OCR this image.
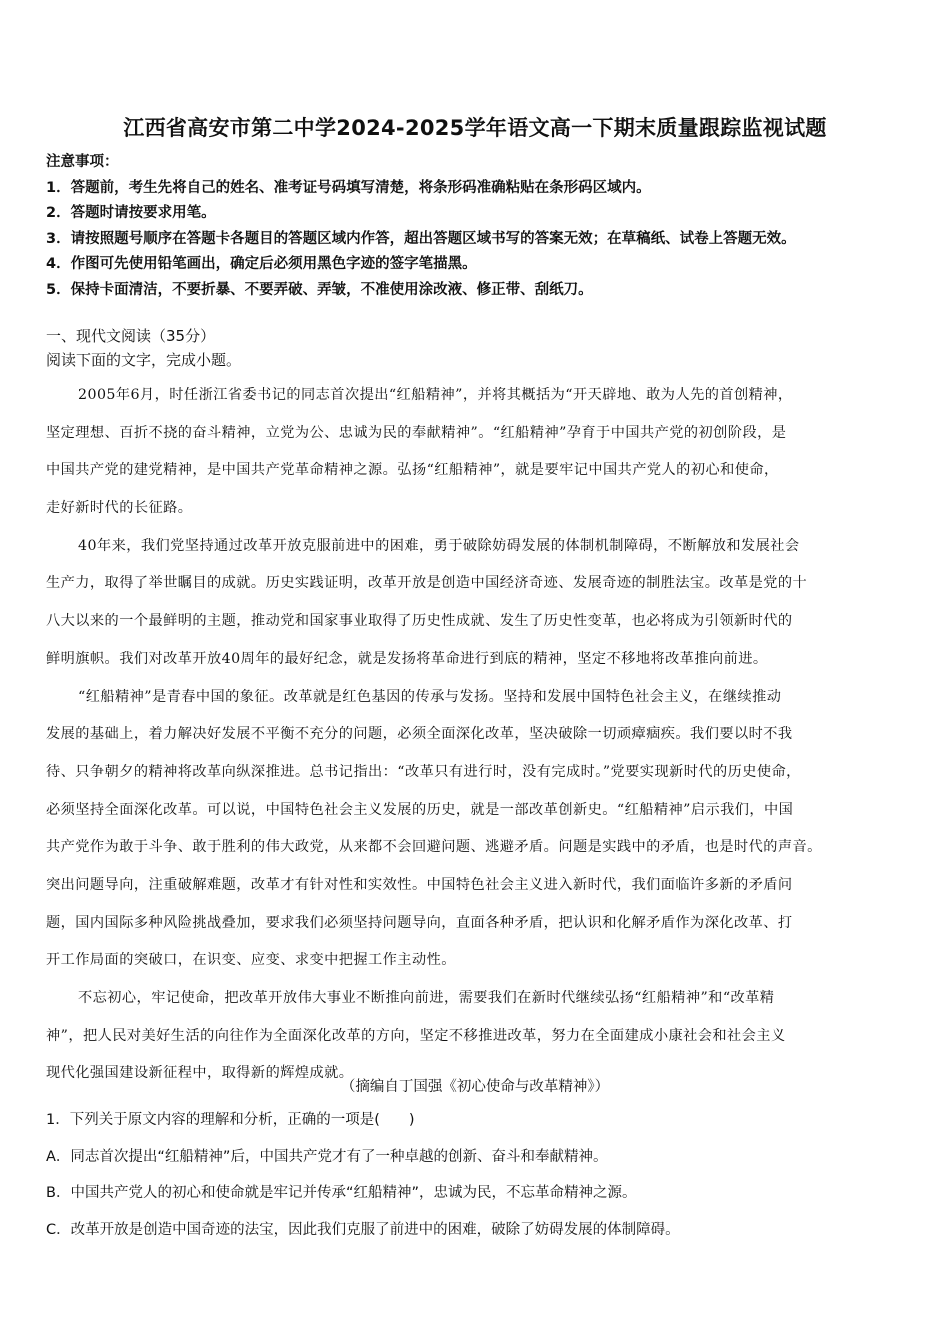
江西省高安市第二中学2024-2025学年语文高一下期末质量跟踪监视试题
注意事项：
1．答题前，考生先将自己的姓名、准考证号码填写清楚，将条形码准确粘贴在条形码区域内。
2．答题时请按要求用笔。
3．请按照题号顺序在答题卡各题目的答题区域内作答，超出答题区域书写的答案无效；在草稿纸、试卷上答题无效。
4．作图可先使用铅笔画出，确定后必须用黑色字迹的签字笔描黑。
5．保持卡面清洁，不要折暴、不要弄破、弄皱，不准使用涂改液、修正带、刮纸刀。
一、现代文阅读（35分）
阅读下面的文字，完成小题。
2005年6月，时任浙江省委书记的同志首次提出“红船精神”，并将其概括为“开天辟地、敢为人先的首创精神，
坚定理想、百折不挠的奋斗精神，立党为公、忠诚为民的奉献精神”。“红船精神”孕育于中国共产党的初创阶段，是
中国共产党的建党精神，是中国共产党革命精神之源。弘扬“红船精神”，就是要牢记中国共产党人的初心和使命，
走好新时代的长征路。
40年来，我们党坚持通过改革开放克服前进中的困难，勇于破除妨碍发展的体制机制障碍，不断解放和发展社会
生产力，取得了举世瞩目的成就。历史实践证明，改革开放是创造中国经济奇迹、发展奇迹的制胜法宝。改革是党的十
八大以来的一个最鲜明的主题，推动党和国家事业取得了历史性成就、发生了历史性变革，也必将成为引领新时代的
鲜明旗帜。我们对改革开放40周年的最好纪念，就是发扬将革命进行到底的精神，坚定不移地将改革推向前进。
“红船精神”是青春中国的象征。改革就是红色基因的传承与发扬。坚持和发展中国特色社会主义，在继续推动
发展的基础上，着力解决好发展不平衡不充分的问题，必须全面深化改革，坚决破除一切顽瘴痼疾。我们要以时不我
待、只争朝夕的精神将改革向纵深推进。总书记指出：“改革只有进行时，没有完成时。”党要实现新时代的历史使命，
必须坚持全面深化改革。可以说，中国特色社会主义发展的历史，就是一部改革创新史。“红船精神”启示我们，中国
共产党作为敢于斗争、敢于胜利的伟大政党，从来都不会回避问题、逃避矛盾。问题是实践中的矛盾，也是时代的声音。
突出问题导向，注重破解难题，改革才有针对性和实效性。中国特色社会主义进入新时代，我们面临许多新的矛盾问
题，国内国际多种风险挑战叠加，要求我们必须坚持问题导向，直面各种矛盾，把认识和化解矛盾作为深化改革、打
开工作局面的突破口，在识变、应变、求变中把握工作主动性。
不忘初心，牢记使命，把改革开放伟大事业不断推向前进，需要我们在新时代继续弘扬“红船精神”和“改革精
神”，把人民对美好生活的向往作为全面深化改革的方向，坚定不移推进改革，努力在全面建成小康社会和社会主义
现代化强国建设新征程中，取得新的辉煌成就。
（摘编自丁国强《初心使命与改革精神》）
1．下列关于原文内容的理解和分析，正确的一项是(　　)
A．同志首次提出“红船精神”后，中国共产党才有了一种卓越的创新、奋斗和奉献精神。
B．中国共产党人的初心和使命就是牢记并传承“红船精神”，忠诚为民，不忘革命精神之源。
C．改革开放是创造中国奇迹的法宝，因此我们克服了前进中的困难，破除了妨碍发展的体制障碍。
